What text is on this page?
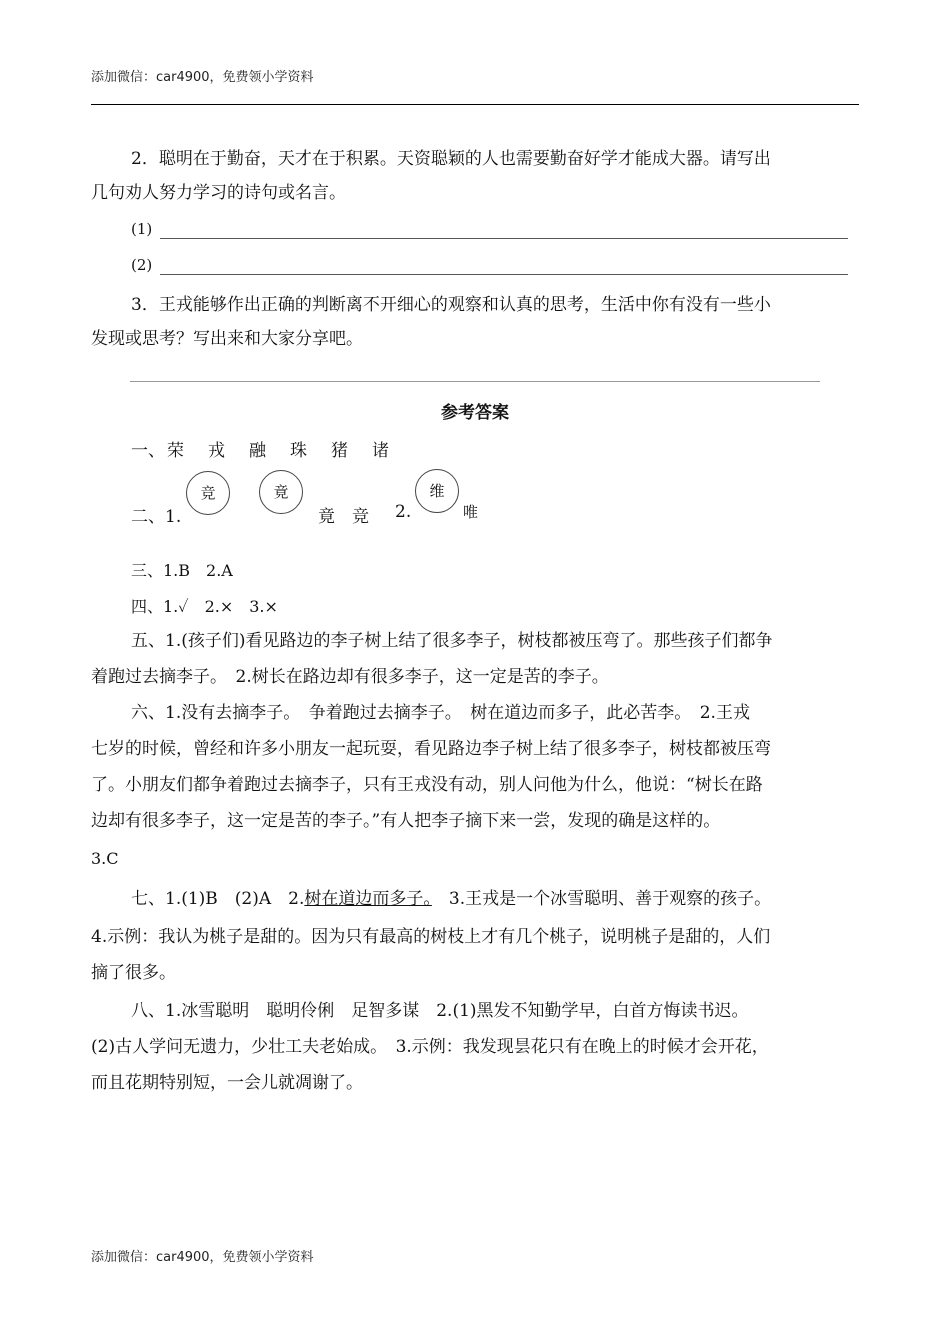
添加微信：car4900，免费领小学资料
2．聪明在于勤奋，天才在于积累。天资聪颖的人也需要勤奋好学才能成大器。请写出
几句劝人努力学习的诗句或名言。
(1)
(2)
3．王戎能够作出正确的判断离不开细心的观察和认真的思考，生活中你有没有一些小
发现或思考？写出来和大家分享吧。
参考答案
一、 荣 戎 融 珠 猪 诸
二、1.
竞	竟
竟　竞 2.
维
唯
三、1.B　2.A
四、1.✓　2.×　3.×
五、1.(孩子们)看见路边的李子树上结了很多李子，树枝都被压弯了。那些孩子们都争
着跑过去摘李子。　2.树长在路边却有很多李子，这一定是苦的李子。
六、1.没有去摘李子。　争着跑过去摘李子。　树在道边而多子，此必苦李。　2.王戎
七岁的时候，曾经和许多小朋友一起玩耍，看见路边李子树上结了很多李子，树枝都被压弯
了。小朋友们都争着跑过去摘李子，只有王戎没有动，别人问他为什么，他说：“树长在路
边却有很多李子，这一定是苦的李子。”有人把李子摘下来一尝，发现的确是这样的。
3.C
七、1.(1)B　(2)A　2.树在道边而多子。　3.王戎是一个冰雪聪明、善于观察的孩子。
4.示例：我认为桃子是甜的。因为只有最高的树枝上才有几个桃子，说明桃子是甜的，人们
摘了很多。
八、1.冰雪聪明　聪明伶俐　足智多谋　2.(1)黑发不知勤学早，白首方悔读书迟。
(2)古人学问无遗力，少壮工夫老始成。　3.示例：我发现昙花只有在晚上的时候才会开花，
而且花期特别短，一会儿就凋谢了。
添加微信：car4900，免费领小学资料
